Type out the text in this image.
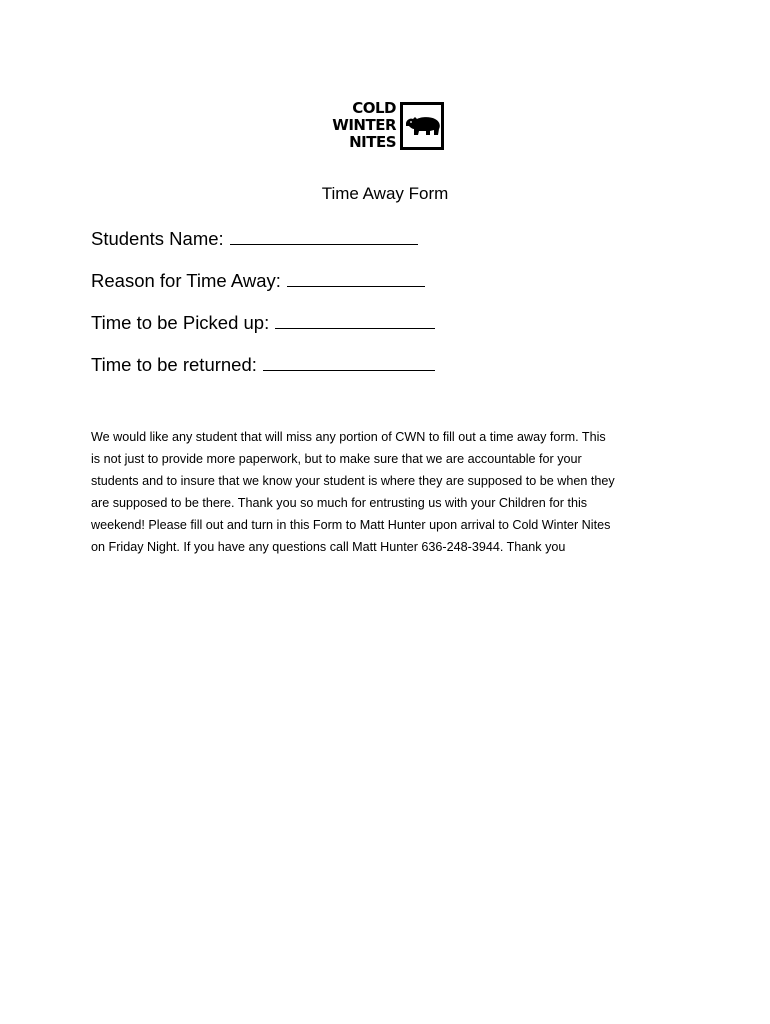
COLD
WINTER
NITES
Time Away Form
Students Name:
Reason for Time Away:
Time to be Picked up:
Time to be returned:
We would like any student that will miss any portion of CWN to fill out a time away form. This
is not just to provide more paperwork, but to make sure that we are accountable for your
students and to insure that we know your student is where they are supposed to be when they
are supposed to be there. Thank you so much for entrusting us with your Children for this
weekend! Please fill out and turn in this Form to Matt Hunter upon arrival to Cold Winter Nites
on Friday Night. If you have any questions call Matt Hunter 636-248-3944. Thank you
